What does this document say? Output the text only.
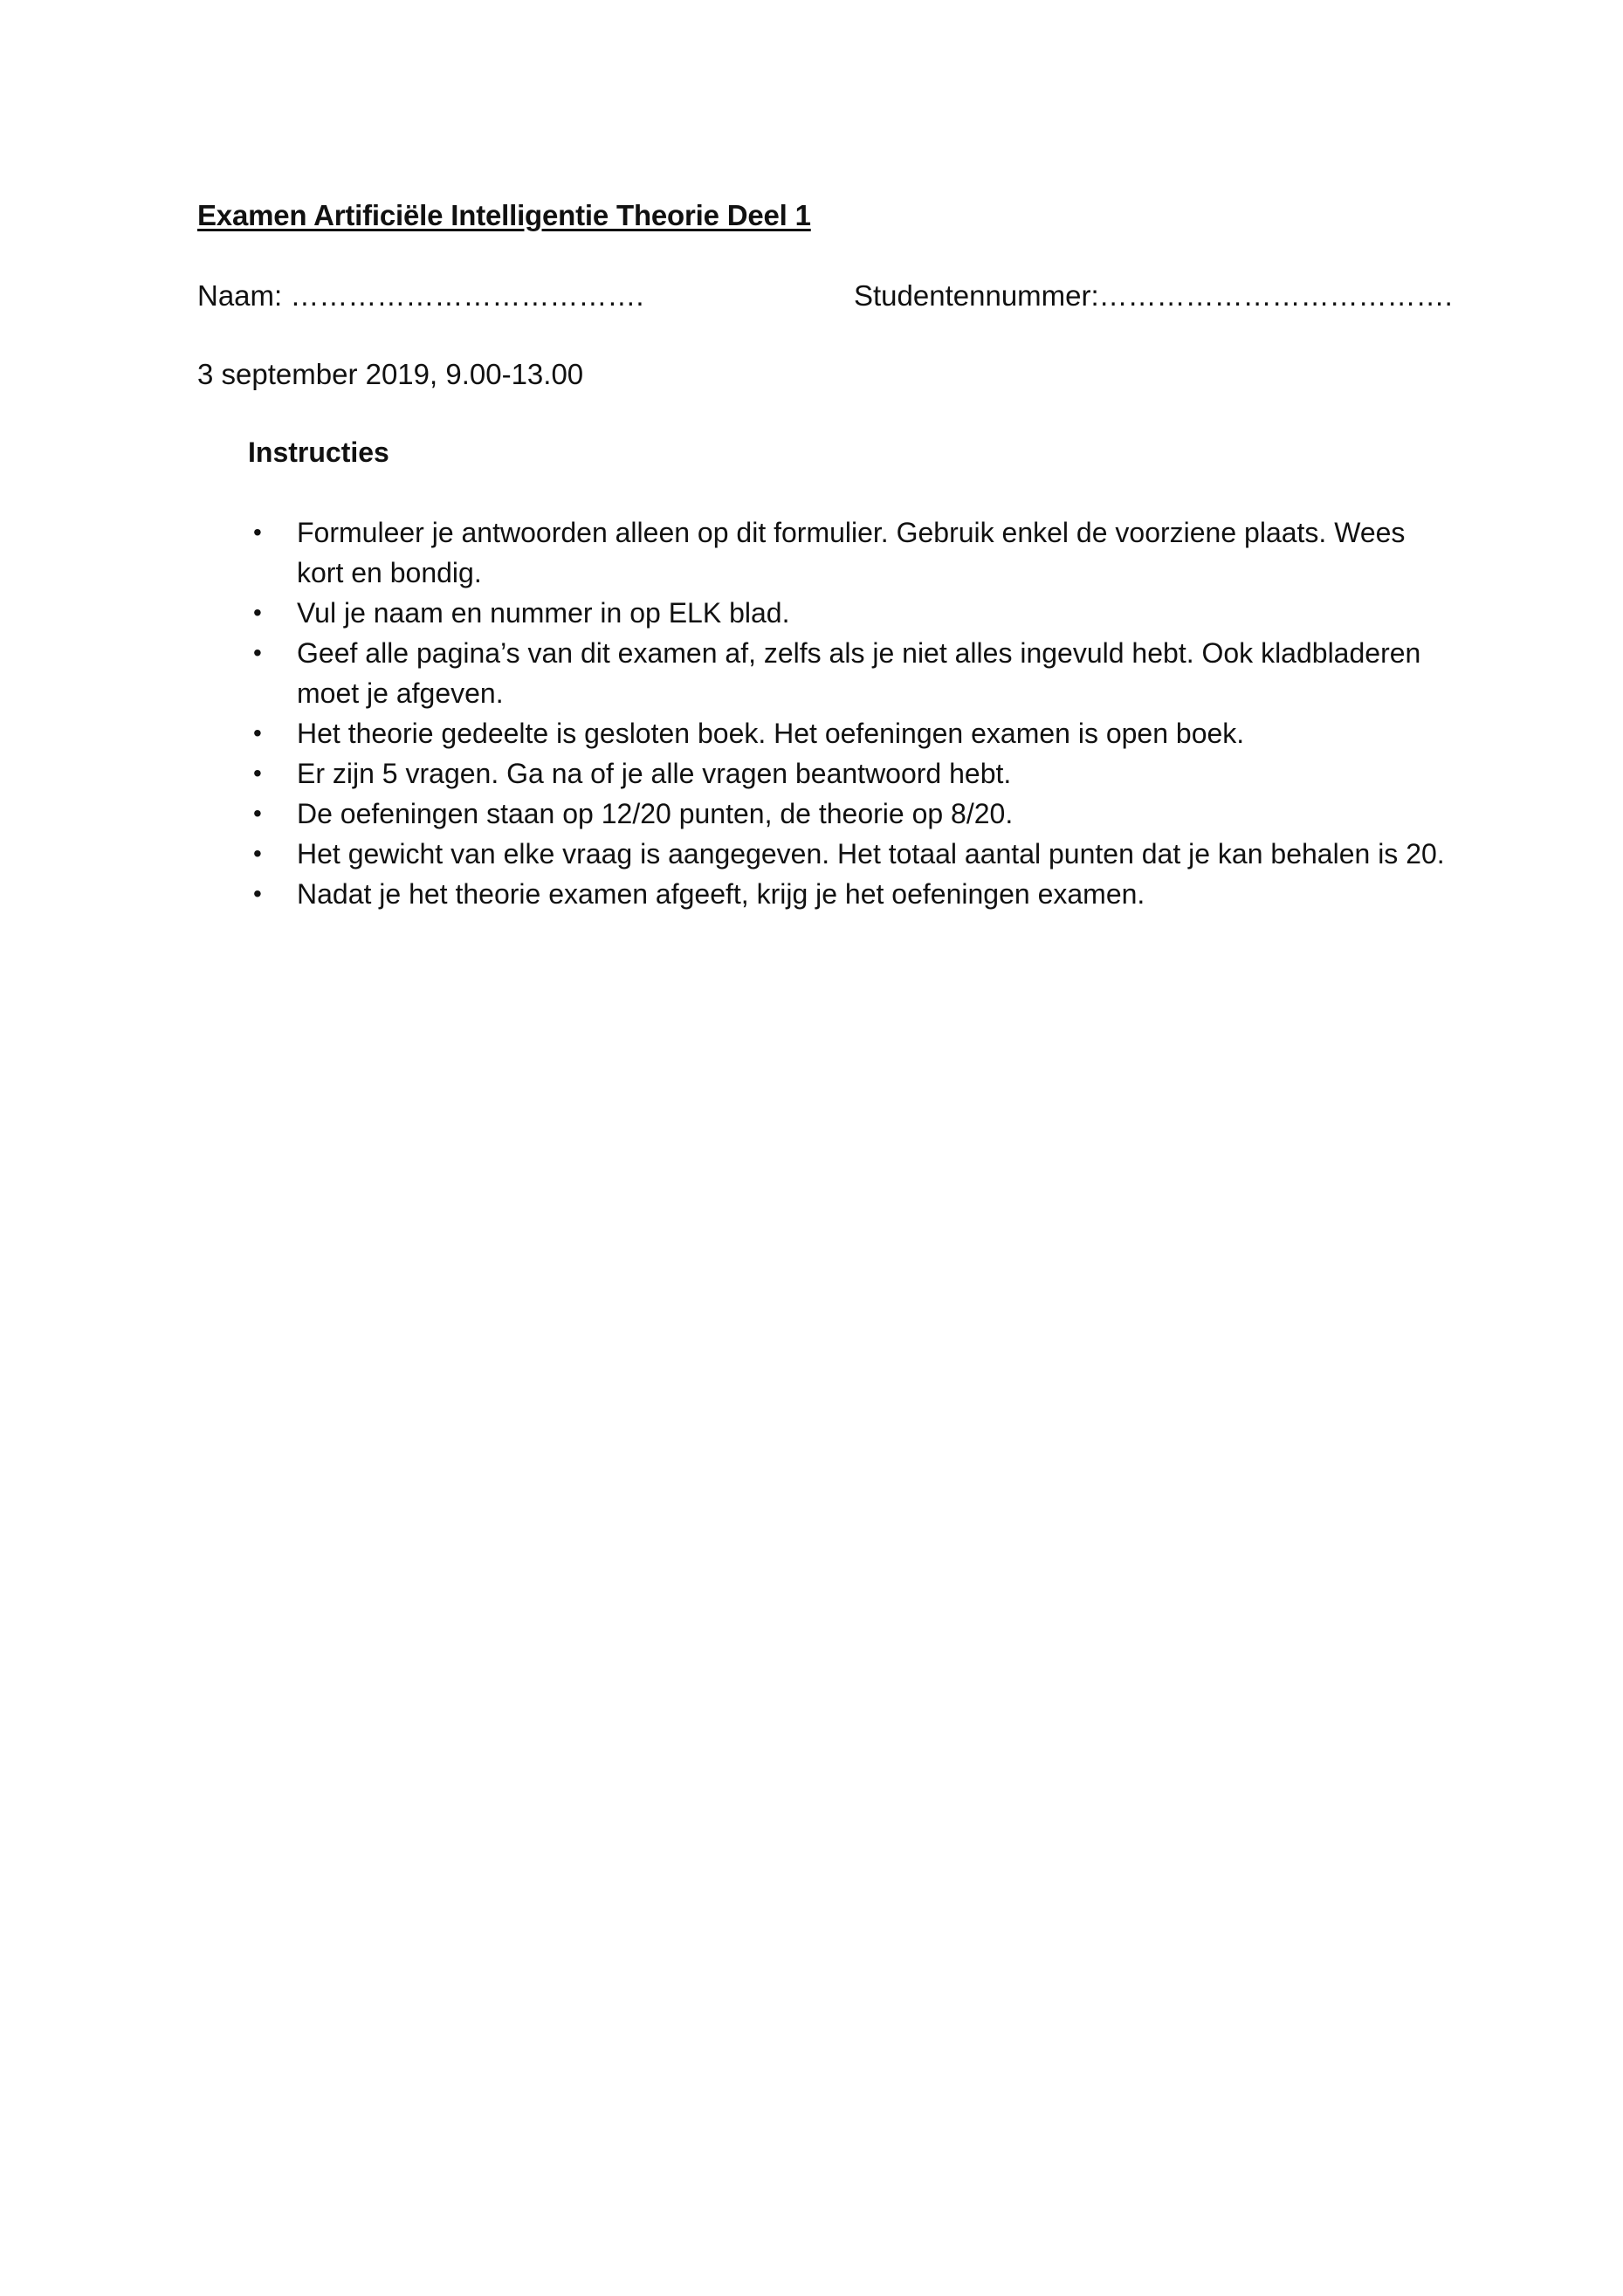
Examen Artificiële Intelligentie Theorie Deel 1
Naam: ……………………………….	Studentennummer:……………………………….
3 september 2019, 9.00-13.00
Instructies
• Formuleer je antwoorden alleen op dit formulier. Gebruik enkel de voorziene plaats. Wees kort en bondig.
• Vul je naam en nummer in op ELK blad.
• Geef alle pagina’s van dit examen af, zelfs als je niet alles ingevuld hebt. Ook kladbladeren moet je afgeven.
• Het theorie gedeelte is gesloten boek. Het oefeningen examen is open boek.
• Er zijn 5 vragen. Ga na of je alle vragen beantwoord hebt.
• De oefeningen staan op 12/20 punten, de theorie op 8/20.
• Het gewicht van elke vraag is aangegeven. Het totaal aantal punten dat je kan behalen is 20.
• Nadat je het theorie examen afgeeft, krijg je het oefeningen examen.
